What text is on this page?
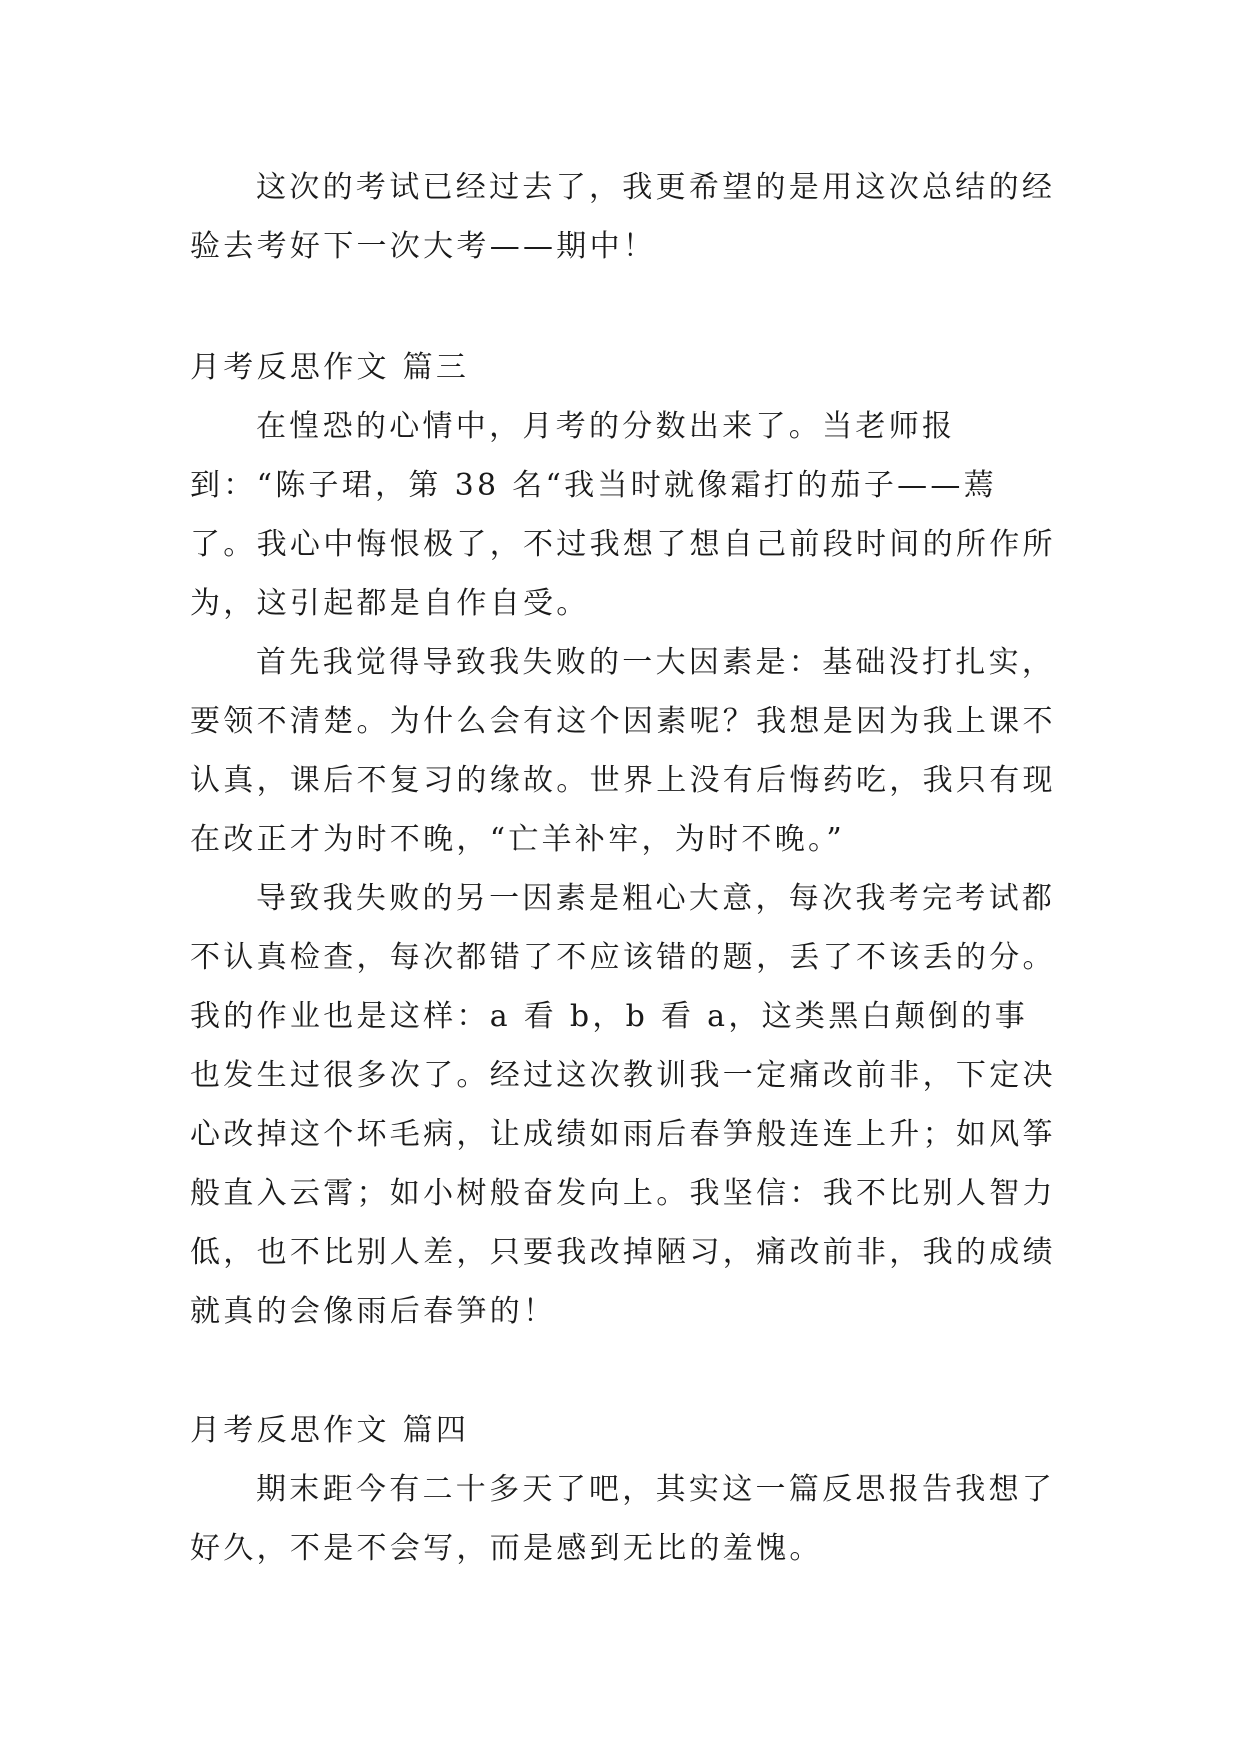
这次的考试已经过去了，我更希望的是用这次总结的经验去考好下一次大考——期中！

月考反思作文 篇三

在惶恐的心情中，月考的分数出来了。当老师报到：“陈子珺，第 38 名“我当时就像霜打的茄子——蔫了。我心中悔恨极了，不过我想了想自己前段时间的所作所为，这引起都是自作自受。

首先我觉得导致我失败的一大因素是：基础没打扎实，要领不清楚。为什么会有这个因素呢？我想是因为我上课不认真，课后不复习的缘故。世界上没有后悔药吃，我只有现在改正才为时不晚，“亡羊补牢，为时不晚。”

导致我失败的另一因素是粗心大意，每次我考完考试都不认真检查，每次都错了不应该错的题，丢了不该丢的分。我的作业也是这样：a 看 b，b 看 a，这类黑白颠倒的事也发生过很多次了。经过这次教训我一定痛改前非，下定决心改掉这个坏毛病，让成绩如雨后春笋般连连上升；如风筝般直入云霄；如小树般奋发向上。我坚信：我不比别人智力低，也不比别人差，只要我改掉陋习，痛改前非，我的成绩就真的会像雨后春笋的！

月考反思作文 篇四

期末距今有二十多天了吧，其实这一篇反思报告我想了好久，不是不会写，而是感到无比的羞愧。
